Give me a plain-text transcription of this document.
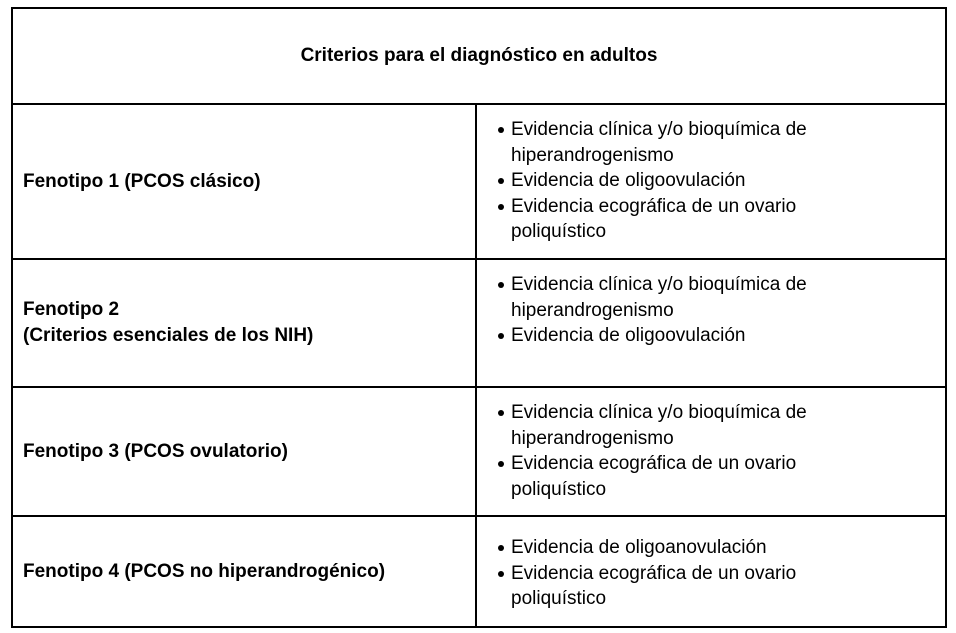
Criterios para el diagnóstico en adultos
Fenotipo 1 (PCOS clásico)
Evidencia clínica y/o bioquímica de
hiperandrogenismo
Evidencia de oligoovulación
Evidencia ecográfica de un ovario
poliquístico
Fenotipo 2
(Criterios esenciales de los NIH)
Evidencia clínica y/o bioquímica de
hiperandrogenismo
Evidencia de oligoovulación
Fenotipo 3 (PCOS ovulatorio)
Evidencia clínica y/o bioquímica de
hiperandrogenismo
Evidencia ecográfica de un ovario
poliquístico
Fenotipo 4 (PCOS no hiperandrogénico)
Evidencia de oligoanovulación
Evidencia ecográfica de un ovario
poliquístico
